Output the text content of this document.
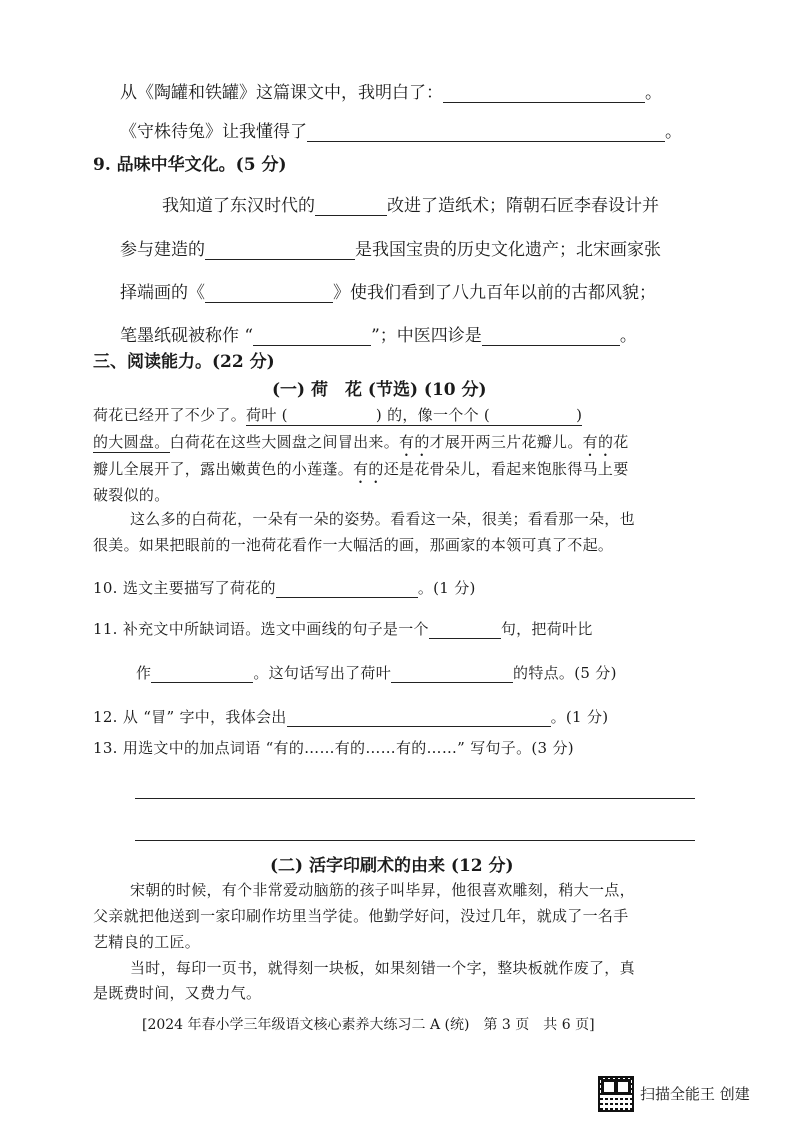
从《陶罐和铁罐》这篇课文中，我明白了：	。
《守株待兔》让我懂得了	。
9. 品味中华文化。(5 分)
我知道了东汉时代的	改进了造纸术；隋朝石匠李春设计并
参与建造的	是我国宝贵的历史文化遗产；北宋画家张
择端画的《	》使我们看到了八九百年以前的古都风貌；
笔墨纸砚被称作 “	”；中医四诊是	。
三、阅读能力。(22 分)
(一) 荷　花 (节选) (10 分)
荷花已经开了不少了。荷叶 (	) 的，像一个个 (	)
的大圆盘。白荷花在这些大圆盘之间冒出来。有的才展开两三片花瓣儿。有的花
瓣儿全展开了，露出嫩黄色的小莲蓬。有的还是花骨朵儿，看起来饱胀得马上要
破裂似的。
这么多的白荷花，一朵有一朵的姿势。看看这一朵，很美；看看那一朵，也
很美。如果把眼前的一池荷花看作一大幅活的画，那画家的本领可真了不起。
10. 选文主要描写了荷花的	。(1 分)
11. 补充文中所缺词语。选文中画线的句子是一个	句，把荷叶比
作	。这句话写出了荷叶	的特点。(5 分)
12. 从 “冒” 字中，我体会出	。(1 分)
13. 用选文中的加点词语 “有的……有的……有的……” 写句子。(3 分)
(二) 活字印刷术的由来 (12 分)
宋朝的时候，有个非常爱动脑筋的孩子叫毕昇，他很喜欢雕刻，稍大一点，
父亲就把他送到一家印刷作坊里当学徒。他勤学好问，没过几年，就成了一名手
艺精良的工匠。
当时，每印一页书，就得刻一块板，如果刻错一个字，整块板就作废了，真
是既费时间，又费力气。
[2024 年春小学三年级语文核心素养大练习二 A (统)　第 3 页　共 6 页]
扫描全能王 创建
